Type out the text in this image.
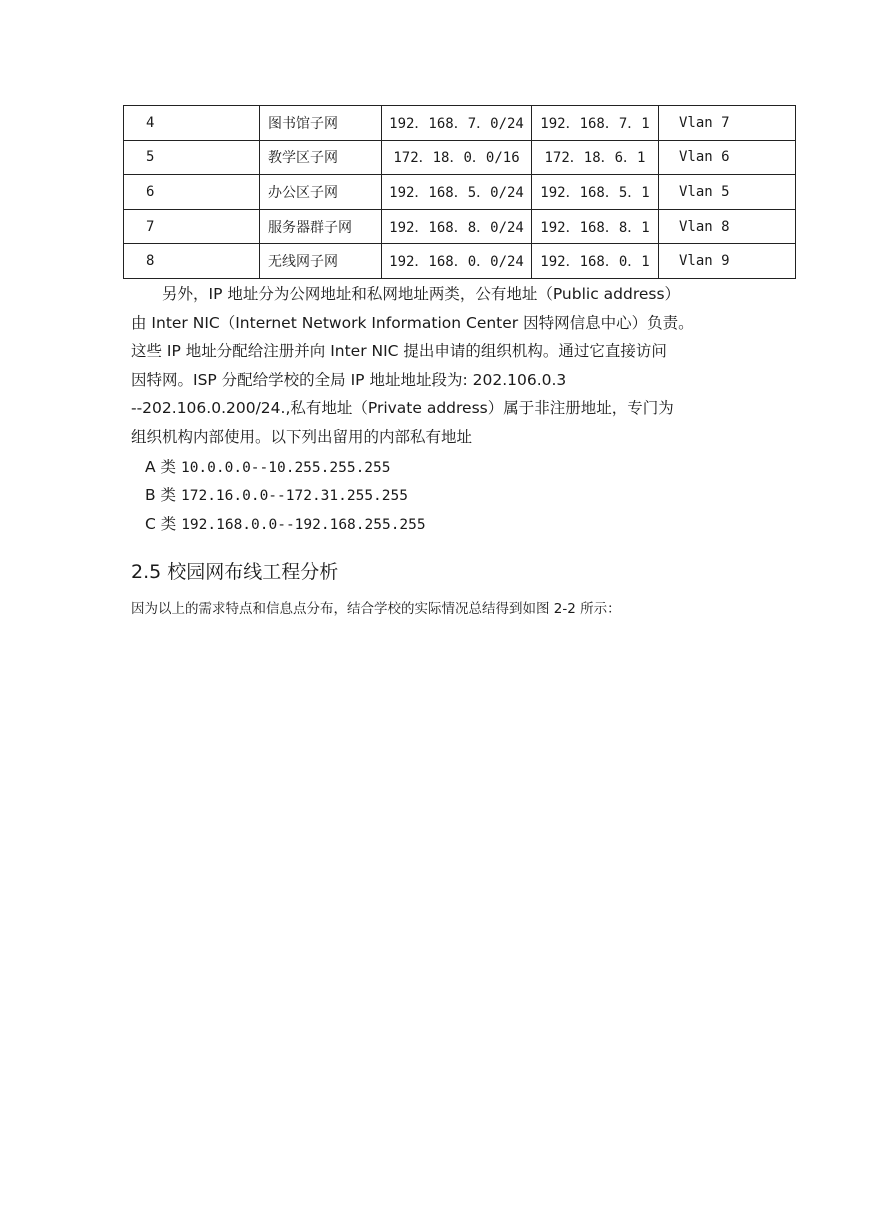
4	图书馆子网	192．168．7．0/24	192．168．7．1	Vlan 7
5	教学区子网	172．18．0．0/16	172．18．6．1	Vlan 6
6	办公区子网	192．168．5．0/24	192．168．5．1	Vlan 5
7	服务器群子网	192．168．8．0/24	192．168．8．1	Vlan 8
8	无线网子网	192．168．0．0/24	192．168．0．1	Vlan 9
　　另外，IP 地址分为公网地址和私网地址两类，公有地址（Public address）
由 Inter NIC（Internet Network Information Center 因特网信息中心）负责。
这些 IP 地址分配给注册并向 Inter NIC 提出申请的组织机构。通过它直接访问
因特网。ISP 分配给学校的全局 IP 地址地址段为: 202.106.0.3
--202.106.0.200/24.,私有地址（Private address）属于非注册地址，专门为
组织机构内部使用。以下列出留用的内部私有地址
A 类 10.0.0.0--10.255.255.255
B 类 172.16.0.0--172.31.255.255
C 类 192.168.0.0--192.168.255.255
2.5 校园网布线工程分析
因为以上的需求特点和信息点分布，结合学校的实际情况总结得到如图 2-2 所示：
